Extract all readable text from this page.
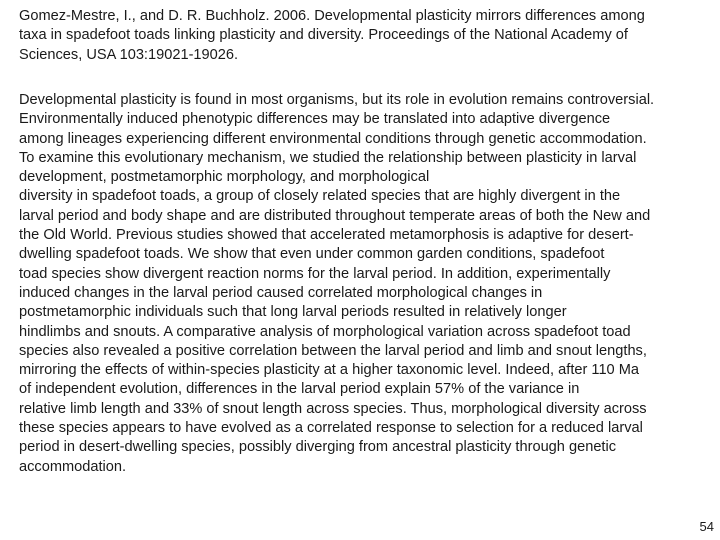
Gomez-Mestre, I., and D. R. Buchholz. 2006. Developmental plasticity mirrors differences among
taxa in spadefoot toads linking plasticity and diversity. Proceedings of the National Academy of
Sciences, USA 103:19021-19026.

Developmental plasticity is found in most organisms, but its role in evolution remains controversial.
Environmentally induced phenotypic differences may be translated into adaptive divergence
among lineages experiencing different environmental conditions through genetic accommodation.
To examine this evolutionary mechanism, we studied the relationship between plasticity in larval
development, postmetamorphic morphology, and morphological
diversity in spadefoot toads, a group of closely related species that are highly divergent in the
larval period and body shape and are distributed throughout temperate areas of both the New and
the Old World. Previous studies showed that accelerated metamorphosis is adaptive for desert-
dwelling spadefoot toads. We show that even under common garden conditions, spadefoot
toad species show divergent reaction norms for the larval period. In addition, experimentally
induced changes in the larval period caused correlated morphological changes in
postmetamorphic individuals such that long larval periods resulted in relatively longer
hindlimbs and snouts. A comparative analysis of morphological variation across spadefoot toad
species also revealed a positive correlation between the larval period and limb and snout lengths,
mirroring the effects of within-species plasticity at a higher taxonomic level. Indeed, after 110 Ma
of independent evolution, differences in the larval period explain 57% of the variance in
relative limb length and 33% of snout length across species. Thus, morphological diversity across
these species appears to have evolved as a correlated response to selection for a reduced larval
period in desert-dwelling species, possibly diverging from ancestral plasticity through genetic
accommodation.

54
